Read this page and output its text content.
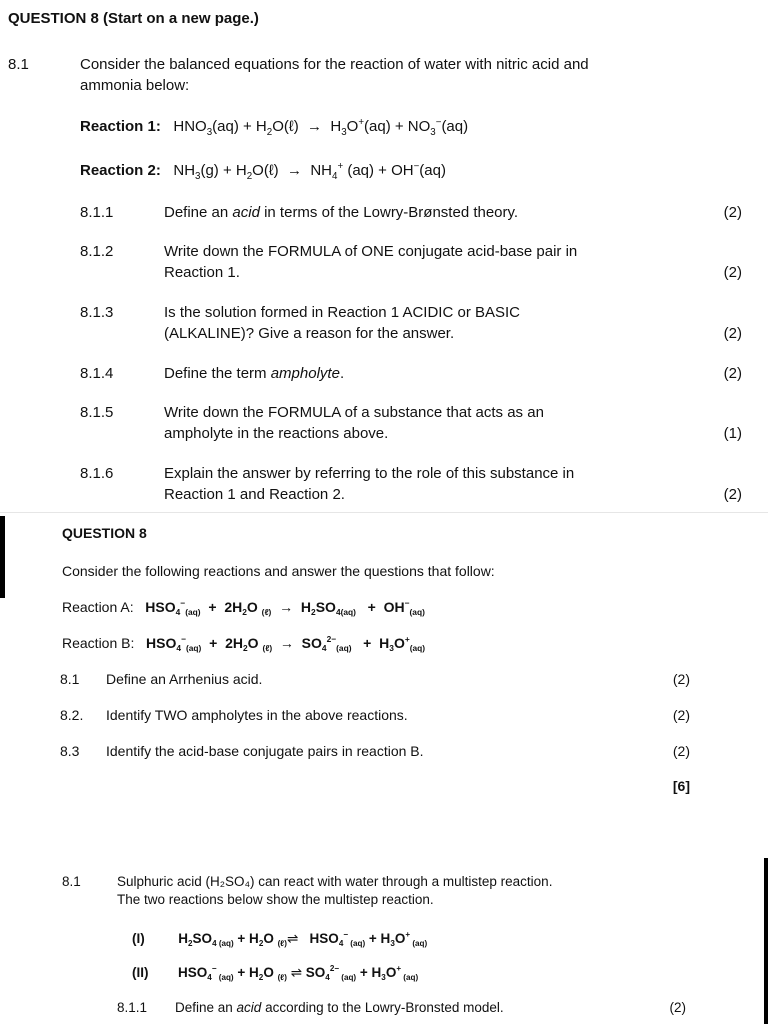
QUESTION 8 (Start on a new page.)
8.1	Consider the balanced equations for the reaction of water with nitric acid and
ammonia below:
Reaction 1:   $HNO_3(aq)$ + $H_2O(\ell) \to H_3O^+(aq) + NO_3^-(aq)$
Reaction 2:   $NH_3(g)$ + $H_2O(\ell) \to NH_4^+$ (aq) + OH−(aq)
8.1.1	Define an acid in terms of the Lowry-Brønsted theory.	(2)
8.1.2	Write down the FORMULA of ONE conjugate acid-base pair in
Reaction 1.	(2)
8.1.3	Is the solution formed in Reaction 1 ACIDIC or BASIC
(ALKALINE)? Give a reason for the answer.	(2)
8.1.4	Define the term ampholyte.	(2)
8.1.5	Write down the FORMULA of a substance that acts as an
ampholyte in the reactions above.	(1)
8.1.6	Explain the answer by referring to the role of this substance in
Reaction 1 and Reaction 2.	(2)
QUESTION 8
Consider the following reactions and answer the questions that follow:
Reaction A: $HSO_4^-_{(aq)} + 2H_2O$ $_{(\ell)} \to H_2SO_{4(aq)} + OH^-_{(aq)}$
Reaction B: $HSO_4^-_{(aq)} + 2H_2O$ $_{(\ell)} \to SO_4^{2-}_{(aq)} + H_3O^+_{(aq)}$
8.1 Define an Arrhenius acid.	(2)
8.2. Identify TWO ampholytes in the above reactions.	(2)
8.3 Identify the acid-base conjugate pairs in reaction B.	(2)
[6]
8.1	Sulphuric acid (H₂SO₄) can react with water through a multistep reaction.
The two reactions below show the multistep reaction.
(I) $H_2SO_{4 (aq)} + H_2O$ $_{(\ell)}$⇌   $HSO_4^-$ $_{(aq)} + H_3O^+$ $_{(aq)}$
(II) $HSO_4^-$ $_{(aq)} + H_2O$ $_{(\ell)}$ ⇌ $SO_4^{2-}$ $_{(aq)} + H_3O^+$ $_{(aq)}$
8.1.1 Define an acid according to the Lowry-Bronsted model.	(2)
